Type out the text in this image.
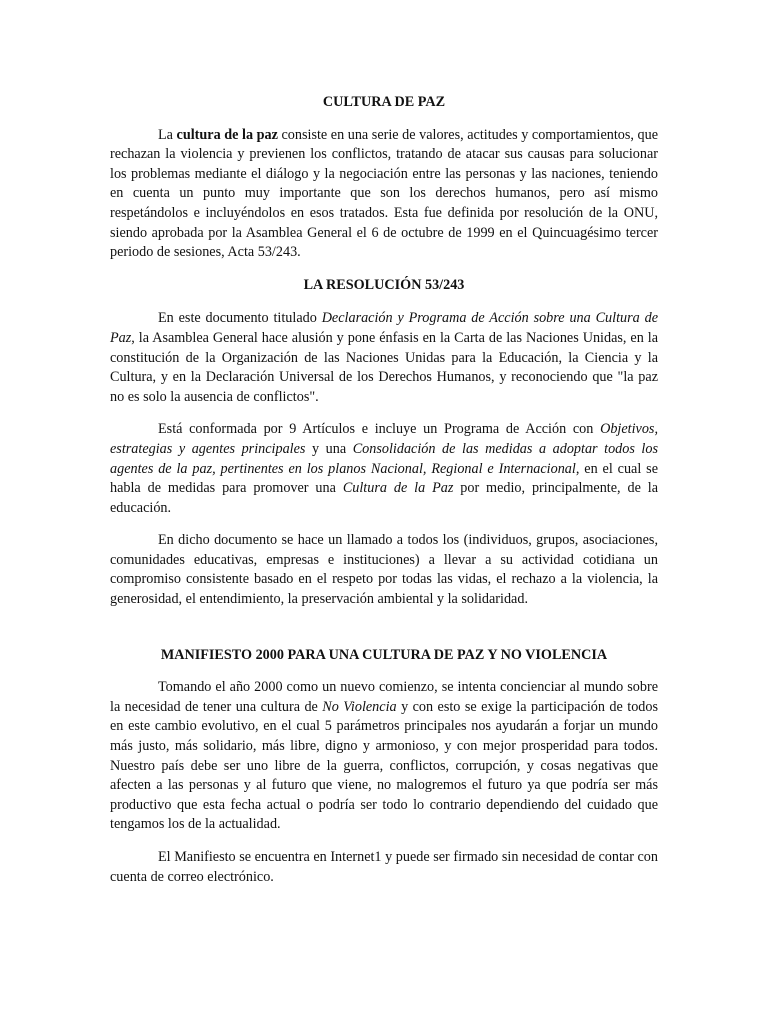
CULTURA DE PAZ

La cultura de la paz consiste en una serie de valores, actitudes y comportamientos, que rechazan la violencia y previenen los conflictos, tratando de atacar sus causas para solucionar los problemas mediante el diálogo y la negociación entre las personas y las naciones, teniendo en cuenta un punto muy importante que son los derechos humanos, pero así mismo respetándolos e incluyéndolos en esos tratados. Esta fue definida por resolución de la ONU, siendo aprobada por la Asamblea General el 6 de octubre de 1999 en el Quincuagésimo tercer periodo de sesiones, Acta 53/243.

LA RESOLUCIÓN 53/243

En este documento titulado Declaración y Programa de Acción sobre una Cultura de Paz, la Asamblea General hace alusión y pone énfasis en la Carta de las Naciones Unidas, en la constitución de la Organización de las Naciones Unidas para la Educación, la Ciencia y la Cultura, y en la Declaración Universal de los Derechos Humanos, y reconociendo que "la paz no es solo la ausencia de conflictos".

Está conformada por 9 Artículos e incluye un Programa de Acción con Objetivos, estrategias y agentes principales y una Consolidación de las medidas a adoptar todos los agentes de la paz, pertinentes en los planos Nacional, Regional e Internacional, en el cual se habla de medidas para promover una Cultura de la Paz por medio, principalmente, de la educación.

En dicho documento se hace un llamado a todos los (individuos, grupos, asociaciones, comunidades educativas, empresas e instituciones) a llevar a su actividad cotidiana un compromiso consistente basado en el respeto por todas las vidas, el rechazo a la violencia, la generosidad, el entendimiento, la preservación ambiental y la solidaridad.

MANIFIESTO 2000 PARA UNA CULTURA DE PAZ Y NO VIOLENCIA

Tomando el año 2000 como un nuevo comienzo, se intenta concienciar al mundo sobre la necesidad de tener una cultura de No Violencia y con esto se exige la participación de todos en este cambio evolutivo, en el cual 5 parámetros principales nos ayudarán a forjar un mundo más justo, más solidario, más libre, digno y armonioso, y con mejor prosperidad para todos. Nuestro país debe ser uno libre de la guerra, conflictos, corrupción, y cosas negativas que afecten a las personas y al futuro que viene, no malogremos el futuro ya que podría ser más productivo que esta fecha actual o podría ser todo lo contrario dependiendo del cuidado que tengamos los de la actualidad.

El Manifiesto se encuentra en Internet1 y puede ser firmado sin necesidad de contar con cuenta de correo electrónico.
